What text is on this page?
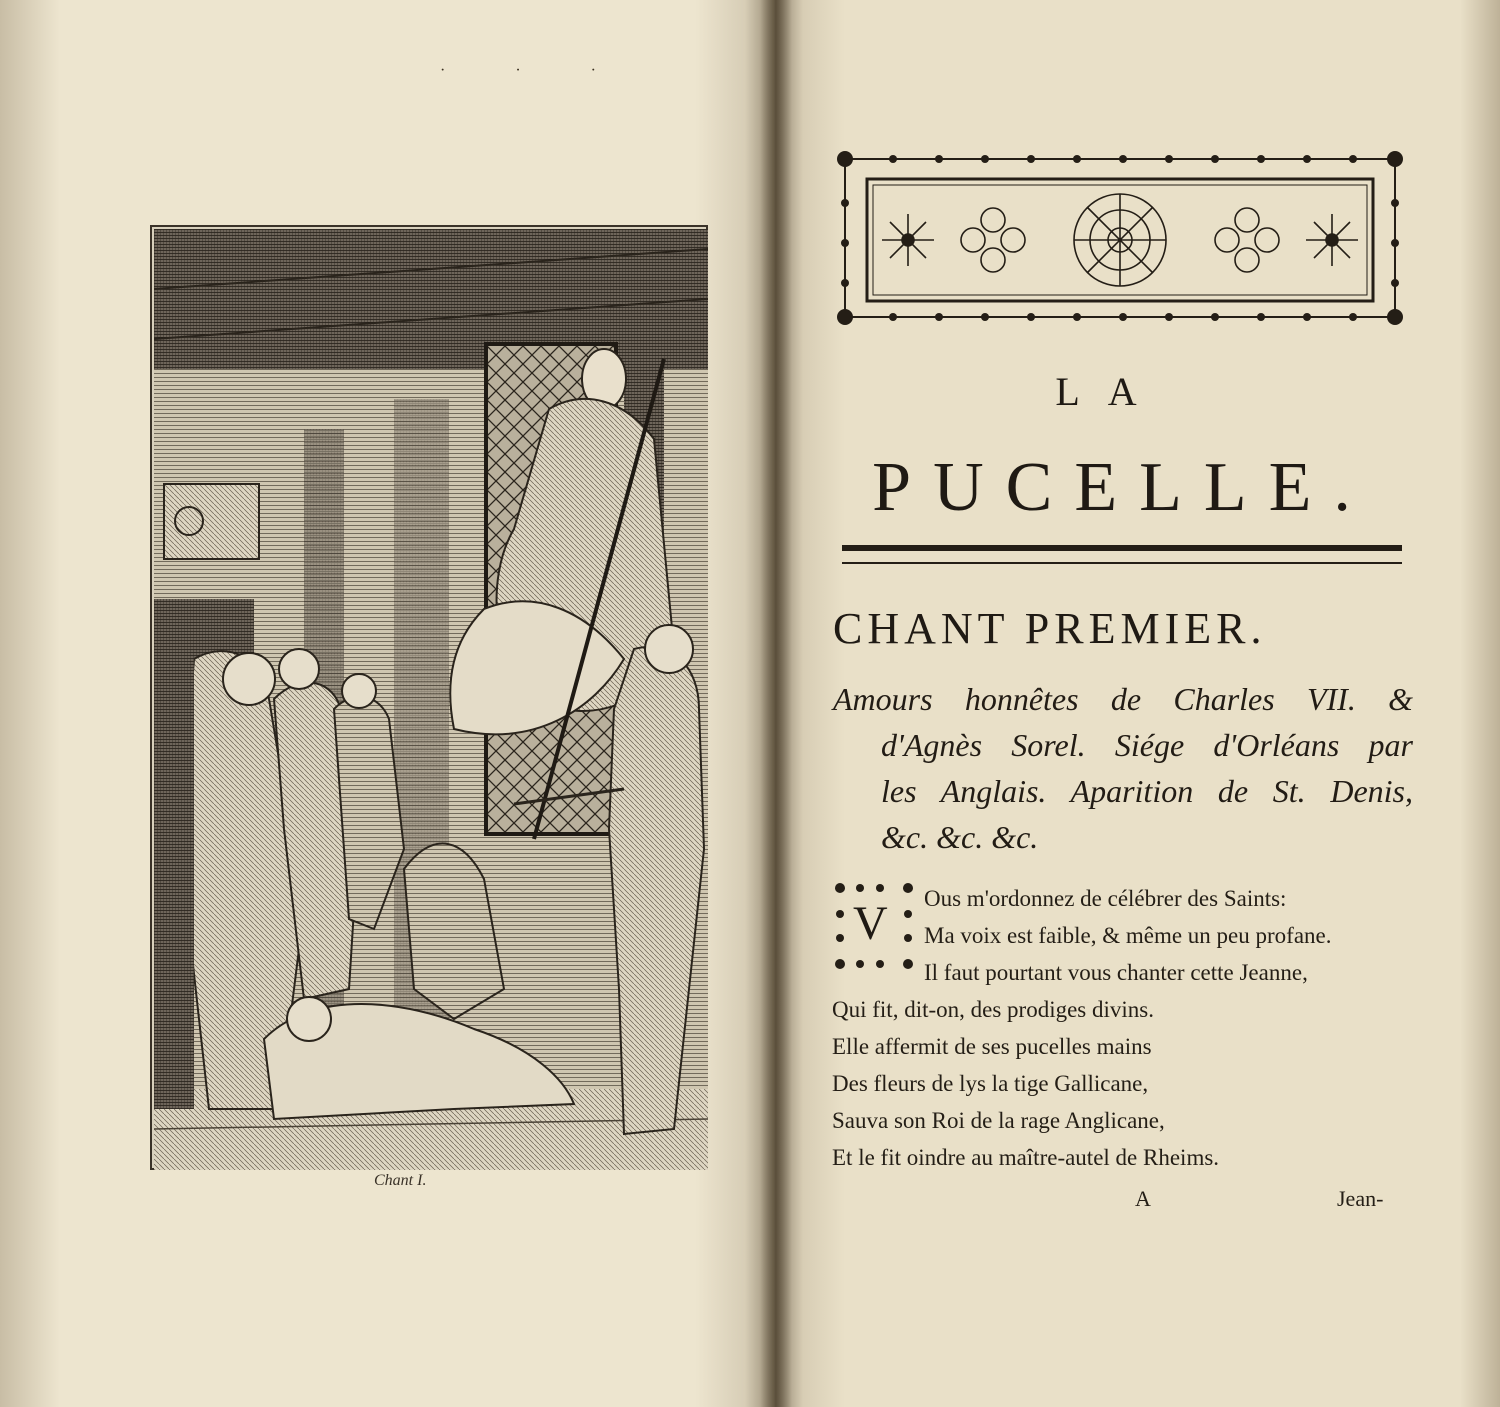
···
Chant I.
LA
PUCELLE.
CHANT PREMIER.
Amours honnêtes de Charles VII. &
d'Agnès Sorel. Siége d'Orléans par
les Anglais. Aparition de St. Denis,
&c. &c. &c.
V	Ous m'ordonnez de célébrer des Saints:
Ma voix est faible, & même un peu profane.
Il faut pourtant vous chanter cette Jeanne,
Qui fit, dit-on, des prodiges divins.
Elle affermit de ses pucelles mains
Des fleurs de lys la tige Gallicane,
Sauva son Roi de la rage Anglicane,
Et le fit oindre au maître-autel de Rheims.
A	Jean-
